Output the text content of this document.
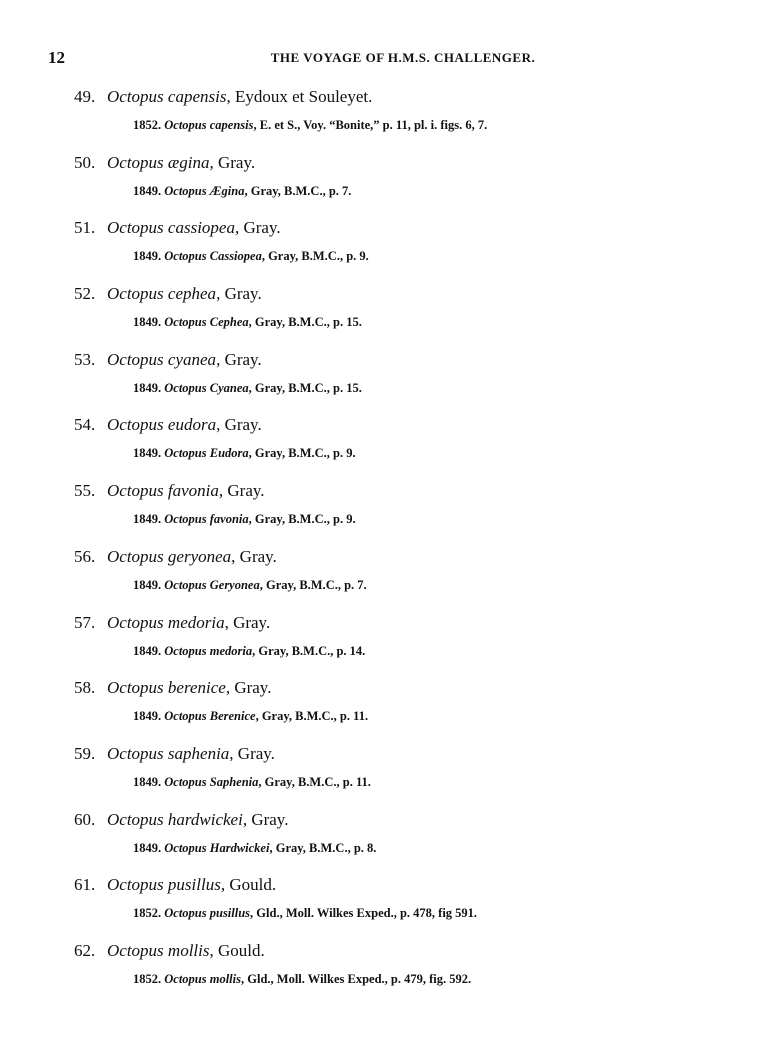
12	THE VOYAGE OF H.M.S. CHALLENGER.
49. Octopus capensis, Eydoux et Souleyet.
1852. Octopus capensis, E. et S., Voy. “Bonite,” p. 11, pl. i. figs. 6, 7.
50. Octopus ægina, Gray.
1849. Octopus Ægina, Gray, B.M.C., p. 7.
51. Octopus cassiopea, Gray.
1849. Octopus Cassiopea, Gray, B.M.C., p. 9.
52. Octopus cephea, Gray.
1849. Octopus Cephea, Gray, B.M.C., p. 15.
53. Octopus cyanea, Gray.
1849. Octopus Cyanea, Gray, B.M.C., p. 15.
54. Octopus eudora, Gray.
1849. Octopus Eudora, Gray, B.M.C., p. 9.
55. Octopus favonia, Gray.
1849. Octopus favonia, Gray, B.M.C., p. 9.
56. Octopus geryonea, Gray.
1849. Octopus Geryonea, Gray, B.M.C., p. 7.
57. Octopus medoria, Gray.
1849. Octopus medoria, Gray, B.M.C., p. 14.
58. Octopus berenice, Gray.
1849. Octopus Berenice, Gray, B.M.C., p. 11.
59. Octopus saphenia, Gray.
1849. Octopus Saphenia, Gray, B.M.C., p. 11.
60. Octopus hardwickei, Gray.
1849. Octopus Hardwickei, Gray, B.M.C., p. 8.
61. Octopus pusillus, Gould.
1852. Octopus pusillus, Gld., Moll. Wilkes Exped., p. 478, fig 591.
62. Octopus mollis, Gould.
1852. Octopus mollis, Gld., Moll. Wilkes Exped., p. 479, fig. 592.
